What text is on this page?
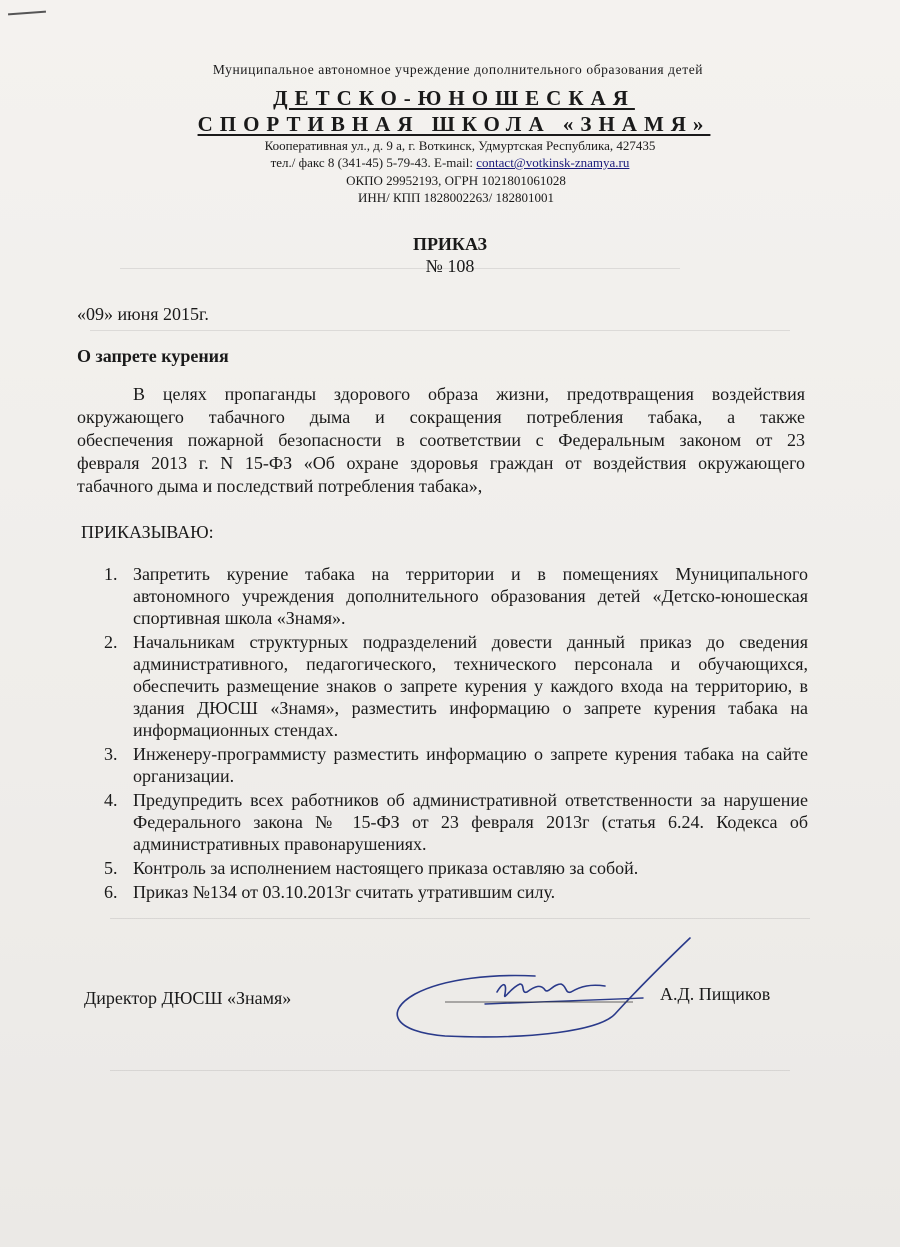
Муниципальное автономное учреждение дополнительного образования детей
ДЕТСКО-ЮНОШЕСКАЯ
СПОРТИВНАЯ ШКОЛА «ЗНАМЯ»
Кооперативная ул., д. 9 а, г. Воткинск, Удмуртская Республика, 427435
тел./ факс 8 (341-45) 5-79-43. E-mail: contact@votkinsk-znamya.ru
ОКПО 29952193, ОГРН 1021801061028
ИНН/ КПП 1828002263/ 182801001
ПРИКАЗ
№ 108
«09» июня 2015г.
О запрете курения
В целях пропаганды здорового образа жизни, предотвращения воздействия
окружающего табачного дыма и сокращения потребления табака, а также
обеспечения пожарной безопасности в соответствии с Федеральным законом от 23
февраля 2013 г. N 15-ФЗ «Об охране здоровья граждан от воздействия окружающего
табачного дыма и последствий потребления табака»,
ПРИКАЗЫВАЮ:
1. Запретить курение табака на территории и в помещениях Муниципального
автономного учреждения дополнительного образования детей «Детско-юношеская
спортивная школа «Знамя».
2. Начальникам структурных подразделений довести данный приказ до сведения
административного, педагогического, технического персонала и обучающихся,
обеспечить размещение знаков о запрете курения у каждого входа на территорию, в
здания ДЮСШ «Знамя», разместить информацию о запрете курения табака на
информационных стендах.
3. Инженеру-программисту разместить информацию о запрете курения табака на сайте
организации.
4. Предупредить всех работников об административной ответственности за нарушение
Федерального закона № 15-ФЗ от 23 февраля 2013г (статья 6.24. Кодекса об
административных правонарушениях.
5. Контроль за исполнением настоящего приказа оставляю за собой.
6. Приказ №134 от 03.10.2013г считать утратившим силу.
Директор ДЮСШ «Знамя»	А.Д. Пищиков
